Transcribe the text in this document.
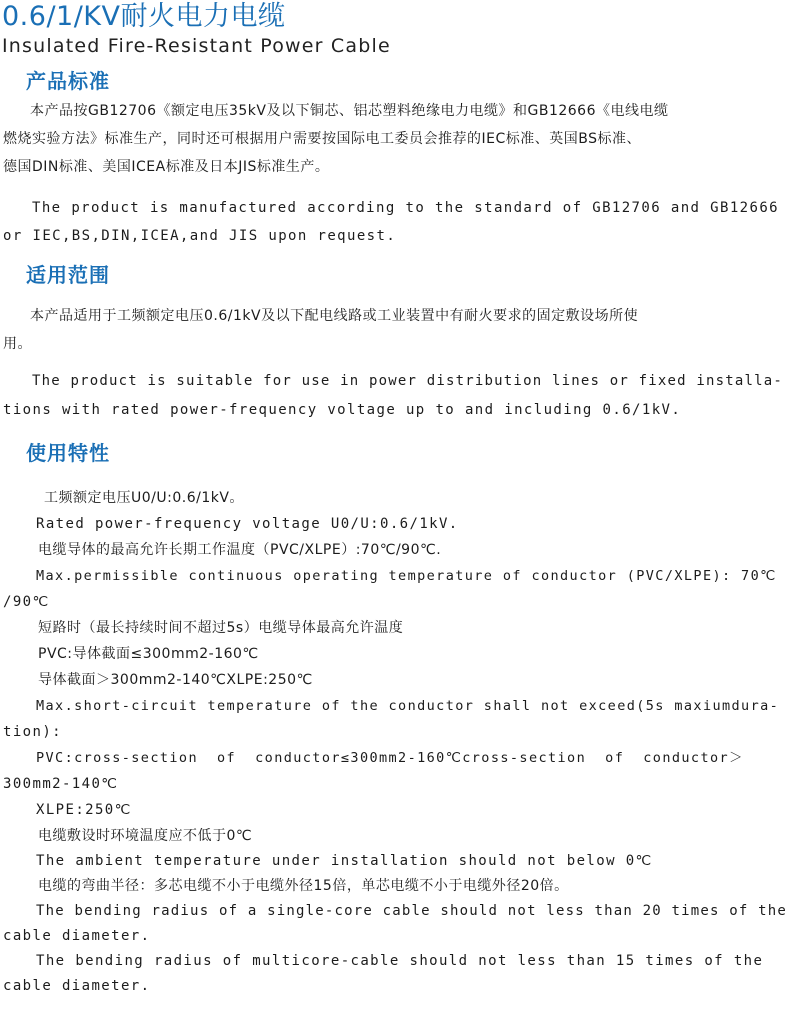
0.6/1/KV耐火电力电缆
Insulated Fire-Resistant Power Cable
产品标准
本产品按GB12706《额定电压35kV及以下铜芯、铝芯塑料绝缘电力电缆》和GB12666《电线电缆
燃烧实验方法》标准生产，同时还可根据用户需要按国际电工委员会推荐的IEC标准、英国BS标准、
德国DIN标准、美国ICEA标准及日本JIS标准生产。
The product is manufactured according to the standard of GB12706 and GB12666
or IEC,BS,DIN,ICEA,and JIS upon request.
适用范围
本产品适用于工频额定电压0.6/1kV及以下配电线路或工业装置中有耐火要求的固定敷设场所使
用。
The product is suitable for use in power distribution lines or fixed installa-
tions with rated power-frequency voltage up to and including 0.6/1kV.
使用特性
工频额定电压U0/U:0.6/1kV。
Rated power-frequency voltage U0/U:0.6/1kV.
电缆导体的最高允许长期工作温度（PVC/XLPE）:70℃/90℃.
Max.permissible continuous operating temperature of conductor (PVC/XLPE): 70℃
/90℃
短路时（最长持续时间不超过5s）电缆导体最高允许温度
PVC:导体截面≤300mm2-160℃
导体截面＞300mm2-140℃XLPE:250℃
Max.short-circuit temperature of the conductor shall not exceed(5s maxiumdura-
tion):
PVC:cross-section  of  conductor≤300mm2-160℃cross-section  of  conductor＞
300mm2-140℃
XLPE:250℃
电缆敷设时环境温度应不低于0℃
The ambient temperature under installation should not below 0℃
电缆的弯曲半径：多芯电缆不小于电缆外径15倍，单芯电缆不小于电缆外径20倍。
The bending radius of a single-core cable should not less than 20 times of the
cable diameter.
The bending radius of multicore-cable should not less than 15 times of the
cable diameter.
